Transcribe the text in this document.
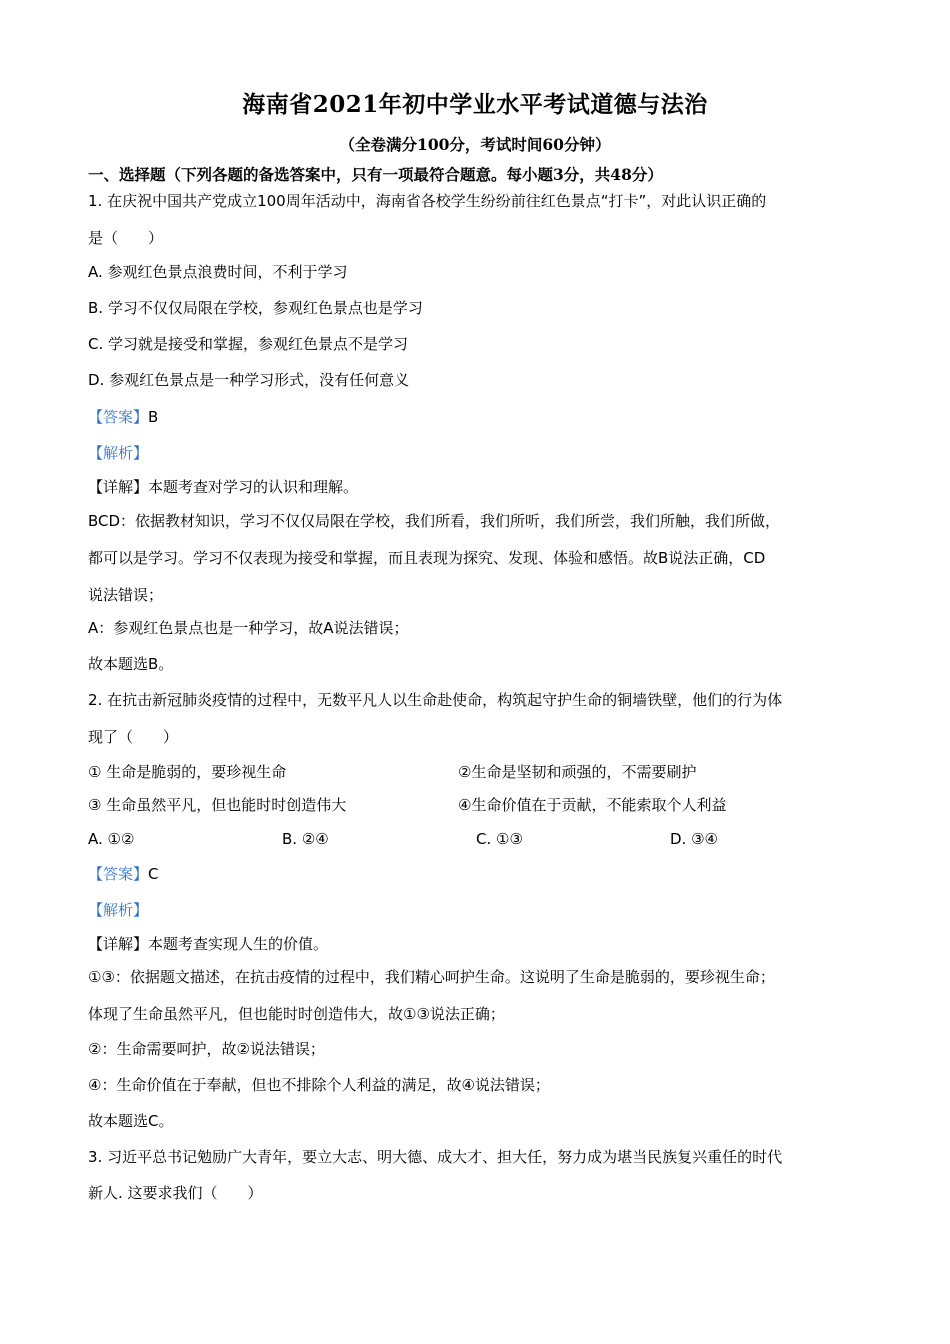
海南省2021年初中学业水平考试道德与法治
（全卷满分100分，考试时间60分钟）
一、选择题（下列各题的备选答案中，只有一项最符合题意。每小题3分，共48分）
1. 在庆祝中国共产党成立100周年活动中，海南省各校学生纷纷前往红色景点“打卡”，对此认识正确的
是（　　）
A. 参观红色景点浪费时间，不利于学习
B. 学习不仅仅局限在学校，参观红色景点也是学习
C. 学习就是接受和掌握，参观红色景点不是学习
D. 参观红色景点是一种学习形式，没有任何意义
【答案】B
【解析】
【详解】本题考查对学习的认识和理解。
BCD：依据教材知识，学习不仅仅局限在学校，我们所看，我们所听，我们所尝，我们所触，我们所做，
都可以是学习。学习不仅表现为接受和掌握，而且表现为探究、发现、体验和感悟。故B说法正确，CD
说法错误；
A：参观红色景点也是一种学习，故A说法错误；
故本题选B。
2. 在抗击新冠肺炎疫情的过程中，无数平凡人以生命赴使命，构筑起守护生命的铜墙铁壁，他们的行为体
现了（　　）
① 生命是脆弱的，要珍视生命	②生命是坚韧和顽强的，不需要刷护
③ 生命虽然平凡，但也能时时创造伟大	④生命价值在于贡献，不能索取个人利益
A. ①②	B. ②④	C. ①③	D. ③④
【答案】C
【解析】
【详解】本题考查实现人生的价值。
①③：依据题文描述，在抗击疫情的过程中，我们精心呵护生命。这说明了生命是脆弱的，要珍视生命；
体现了生命虽然平凡，但也能时时创造伟大，故①③说法正确；
②：生命需要呵护，故②说法错误；
④：生命价值在于奉献，但也不排除个人利益的满足，故④说法错误；
故本题选C。
3. 习近平总书记勉励广大青年，要立大志、明大德、成大才、担大任，努力成为堪当民族复兴重任的时代
新人. 这要求我们（　　）
